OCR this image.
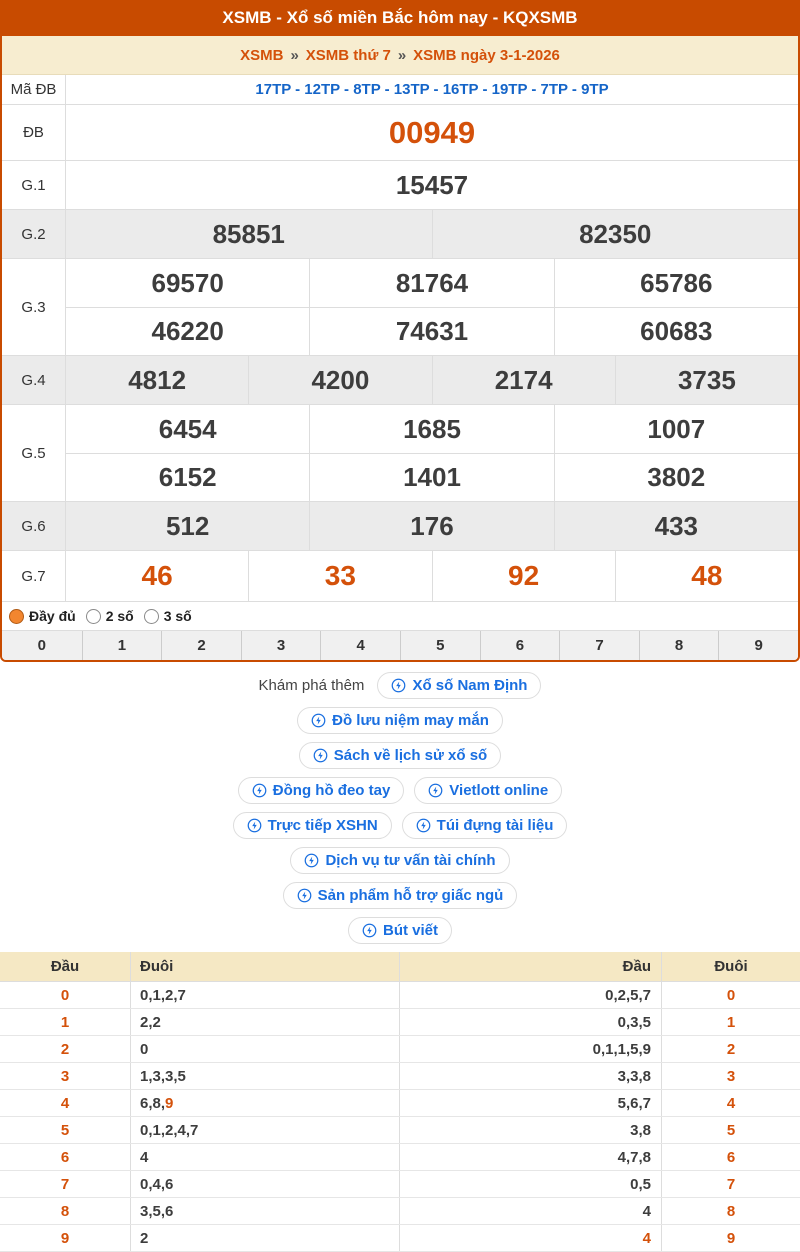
XSMB - Xổ số miền Bắc hôm nay - KQXSMB
XSMB » XSMB thứ 7 » XSMB ngày 3-1-2026
Mã ĐB	17TP - 12TP - 8TP - 13TP - 16TP - 19TP - 7TP - 9TP
ĐB	00949
G.1	15457
G.2	85851	82350
G.3
69570	81764	65786
46220	74631	60683
G.4	4812	4200	2174	3735
G.5
6454	1685	1007
6152	1401	3802
G.6	512	176	433
G.7	46	33	92	48
Đầy đủ 2 số 3 số
0	1	2	3	4	5	6	7	8	9
Khám phá thêm	Xổ số Nam Định
Đồ lưu niệm may mắn
Sách về lịch sử xổ số
Đồng hồ đeo tay	Vietlott online
Trực tiếp XSHN	Túi đựng tài liệu
Dịch vụ tư vấn tài chính
Sản phẩm hỗ trợ giấc ngủ
Bút viết
Đầu	Đuôi	Đầu	Đuôi
0	0,1,2,7	0,2,5,7	0
1	2,2	0,3,5	1
2	0	0,1,1,5,9	2
3	1,3,3,5	3,3,8	3
4	6,8, 9	5,6,7	4
5	0,1,2,4,7	3,8	5
6	4	4,7,8	6
7	0,4,6	0,5	7
8	3,5,6	4	8
9	2	4	9
